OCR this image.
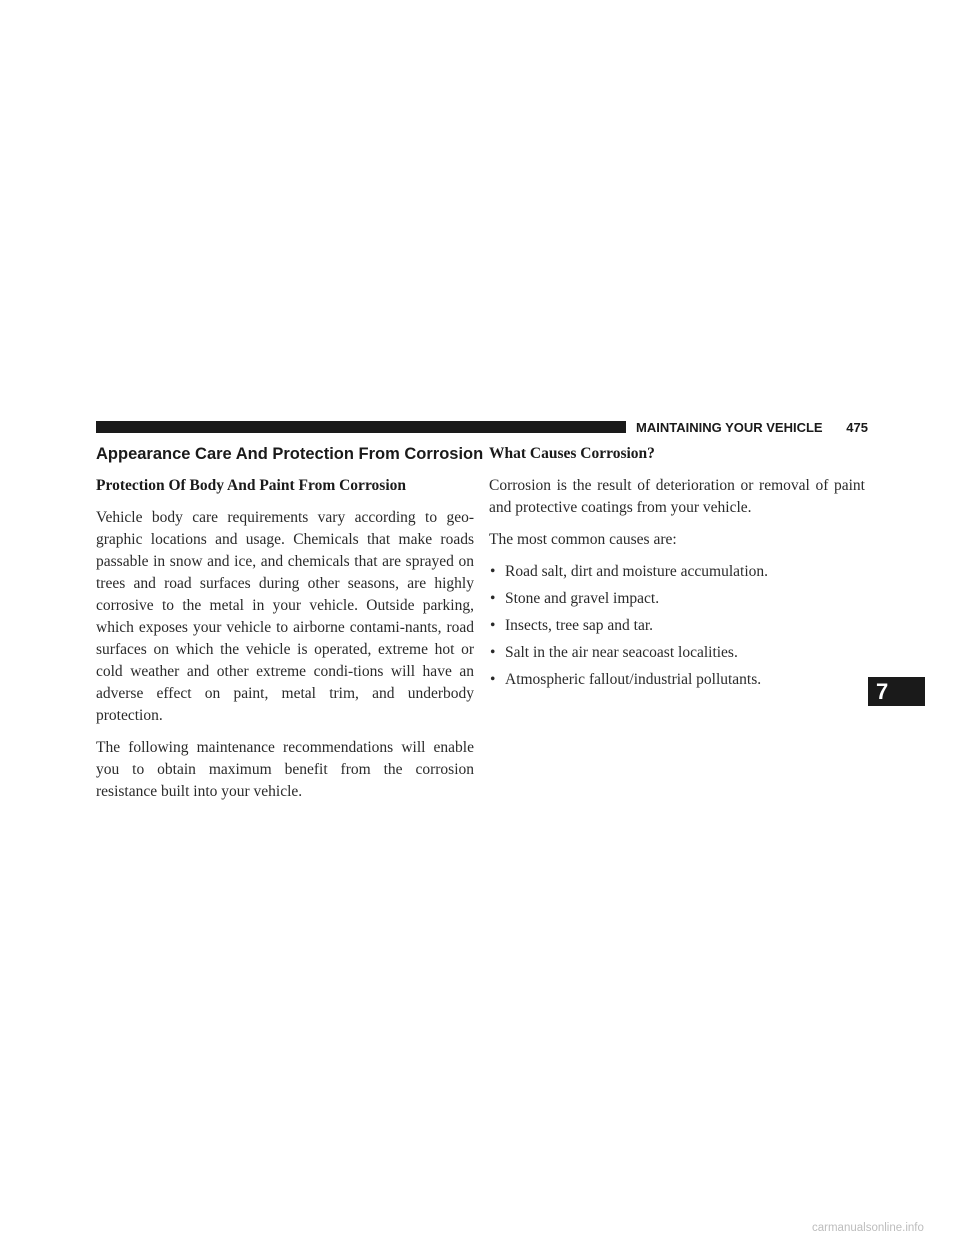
MAINTAINING YOUR VEHICLE 475
Appearance Care And Protection From Corrosion
Protection Of Body And Paint From Corrosion

Vehicle body care requirements vary according to geo-graphic locations and usage. Chemicals that make roads passable in snow and ice, and chemicals that are sprayed on trees and road surfaces during other seasons, are highly corrosive to the metal in your vehicle. Outside parking, which exposes your vehicle to airborne contami-nants, road surfaces on which the vehicle is operated, extreme hot or cold weather and other extreme condi-tions will have an adverse effect on paint, metal trim, and underbody protection.

The following maintenance recommendations will enable you to obtain maximum benefit from the corrosion resistance built into your vehicle.

What Causes Corrosion?

Corrosion is the result of deterioration or removal of paint and protective coatings from your vehicle.

The most common causes are:

• Road salt, dirt and moisture accumulation.
• Stone and gravel impact.
• Insects, tree sap and tar.
• Salt in the air near seacoast localities.
• Atmospheric fallout/industrial pollutants.	7
carmanualsonline.info
